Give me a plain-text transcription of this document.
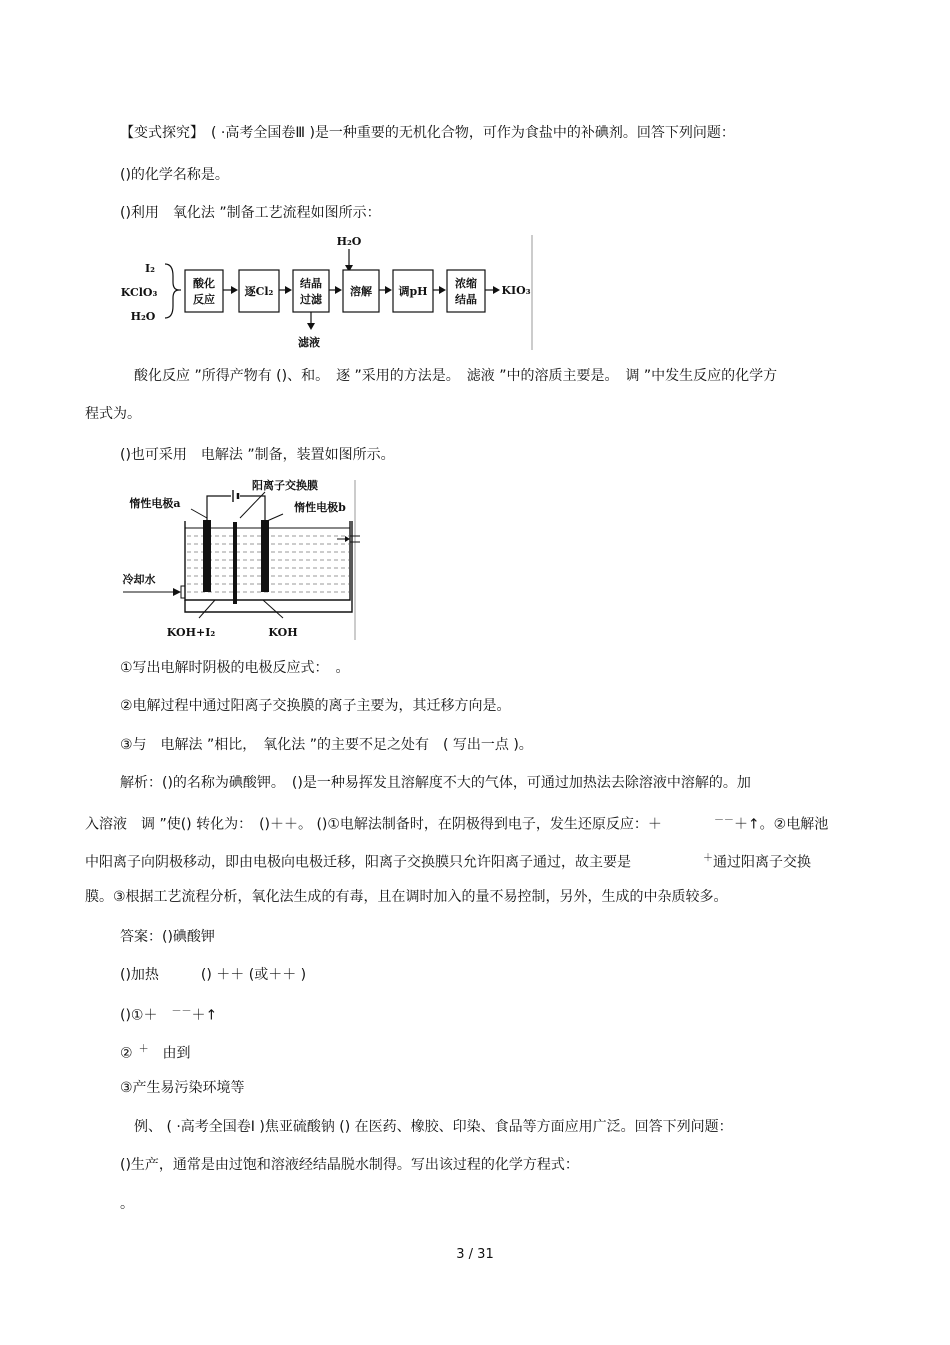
【变式探究】　( ·高考全国卷Ⅲ )是一种重要的无机化合物，可作为食盐中的补碘剂。回答下列问题：
()的化学名称是。
()利用　氧化法 ”制备工艺流程如图所示：
H₂O
I₂
KClO₃
H₂O
酸化
反应
逐Cl₂
结晶
过滤
滤液
溶解 调pH
浓缩
结晶
KIO₃
　酸化反应 ”所得产物有 ()、和。　逐 ”采用的方法是。　滤液 ”中的溶质主要是。　调 ”中发生反应的化学方
程式为。
()也可采用　电解法 ”制备，装置如图所示。
惰性电极a
阳离子交换膜
惰性电极b
冷却水
KOH+I₂	KOH
①写出电解时阴极的电极反应式：　。
②电解过程中通过阳离子交换膜的离子主要为，其迁移方向是。
③与　电解法 ”相比，　氧化法 ”的主要不足之处有　( 写出一点 )。
解析：()的名称为碘酸钾。　()是一种易挥发且溶解度不大的气体，可通过加热法去除溶液中溶解的。加
入溶液　调 ”使() 转化为：　()＋＋。 ()①电解法制备时，在阴极得到电子，发生还原反应：＋	－－＋↑。②电解池
中阳离子向阴极移动，即由电极向电极迁移，阳离子交换膜只允许阳离子通过，故主要是	＋通过阳离子交换
膜。③根据工艺流程分析，氧化法生成的有毒，且在调时加入的量不易控制，另外，生成的中杂质较多。
答案：()碘酸钾
()加热　　　() ＋＋ (或＋＋ )
()①＋ －－＋↑
② ＋　由到
③产生易污染环境等
　例、 ( ·高考全国卷Ⅰ )焦亚硫酸钠 () 在医药、橡胶、印染、食品等方面应用广泛。回答下列问题：
()生产，通常是由过饱和溶液经结晶脱水制得。写出该过程的化学方程式：
。
3 / 31
